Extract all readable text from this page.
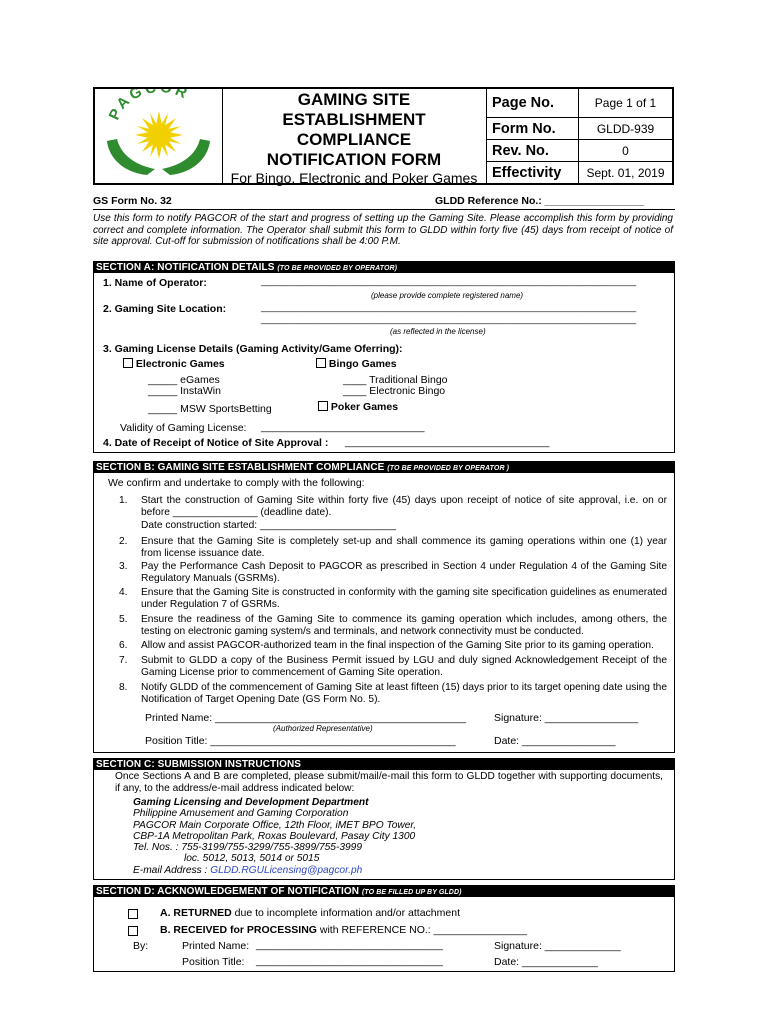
PAG R	GAMING SITE
ESTABLISHMENT
COMPLIANCE
NOTIFICATION FORM
For Bingo, Electronic and Poker Games
Page No.	Page 1 of 1
Form No.	GLDD-939
Rev. No.	0
Effectivity	Sept. 01, 2019
GS Form No. 32	GLDD Reference No.: _________________
Use this form to notify PAGCOR of the start and progress of setting up the Gaming Site. Please accomplish this form by providing correct and complete information. The Operator shall submit this form to GLDD within forty five (45) days from receipt of notice of site approval. Cut-off for submission of notifications shall be 4:00 P.M.
SECTION A: NOTIFICATION DETAILS (TO BE PROVIDED BY OPERATOR)
1. Name of Operator:	_______________________________________________________________________
(please provide complete registered name)
2. Gaming Site Location:	_______________________________________________________________________
_______________________________________________________________________
(as reflected in the license)
3. Gaming License Details (Gaming Activity/Game Oferring):
Electronic Games
_____ eGames
_____ InstaWin
_____ MSW SportsBetting
Bingo Games
____ Traditional Bingo
____ Electronic Bingo
Poker Games
Validity of Gaming License: ____________________________
4. Date of Receipt of Notice of Site Approval : ___________________________________
SECTION B: GAMING SITE ESTABLISHMENT COMPLIANCE (TO BE PROVIDED BY OPERATOR )
We confirm and undertake to comply with the following:
1.	Start the construction of Gaming Site within forty five (45) days upon receipt of notice of site approval, i.e. on or before _______________ (deadline date).
Date construction started: ________________________
2.	Ensure that the Gaming Site is completely set-up and shall commence its gaming operations within one (1) year from license issuance date.
3.	Pay the Performance Cash Deposit to PAGCOR as prescribed in Section 4 under Regulation 4 of the Gaming Site Regulatory Manuals (GSRMs).
4.	Ensure that the Gaming Site is constructed in conformity with the gaming site specification guidelines as enumerated under Regulation 7 of GSRMs.
5.	Ensure the readiness of the Gaming Site to commence its gaming operation which includes, among others, the testing on electronic gaming system/s and terminals, and network connectivity must be conducted.
6.	Allow and assist PAGCOR-authorized team in the final inspection of the Gaming Site prior to its gaming operation.
7.	Submit to GLDD a copy of the Business Permit issued by LGU and duly signed Acknowledgement Receipt of the Gaming License prior to commencement of Gaming Site operation.
8.	Notify GLDD of the commencement of Gaming Site at least fifteen (15) days prior to its target opening date using the Notification of Target Opening Date (GS Form No. 5).
Printed Name: ___________________________________________
(Authorized Representative)
Position Title: __________________________________________
Signature: ________________
Date: ________________
SECTION C: SUBMISSION INSTRUCTIONS
Once Sections A and B are completed, please submit/mail/e-mail this form to GLDD together with supporting documents, if any, to the address/e-mail address indicated below:
Gaming Licensing and Development Department
Philippine Amusement and Gaming Corporation
PAGCOR Main Corporate Office, 12th Floor, iMET BPO Tower,
CBP-1A Metropolitan Park, Roxas Boulevard, Pasay City 1300
Tel. Nos. : 755-3199/755-3299/755-3899/755-3999
loc. 5012, 5013, 5014 or 5015
E-mail Address : GLDD.RGULicensing@pagcor.ph
SECTION D: ACKNOWLEDGEMENT OF NOTIFICATION (TO BE FILLED UP BY GLDD)
A. RETURNED due to incomplete information and/or attachment
B. RECEIVED for PROCESSING with REFERENCE NO.: ________________
By:	Printed Name: ________________________________
Position Title: ________________________________
Signature: _____________
Date: _____________
